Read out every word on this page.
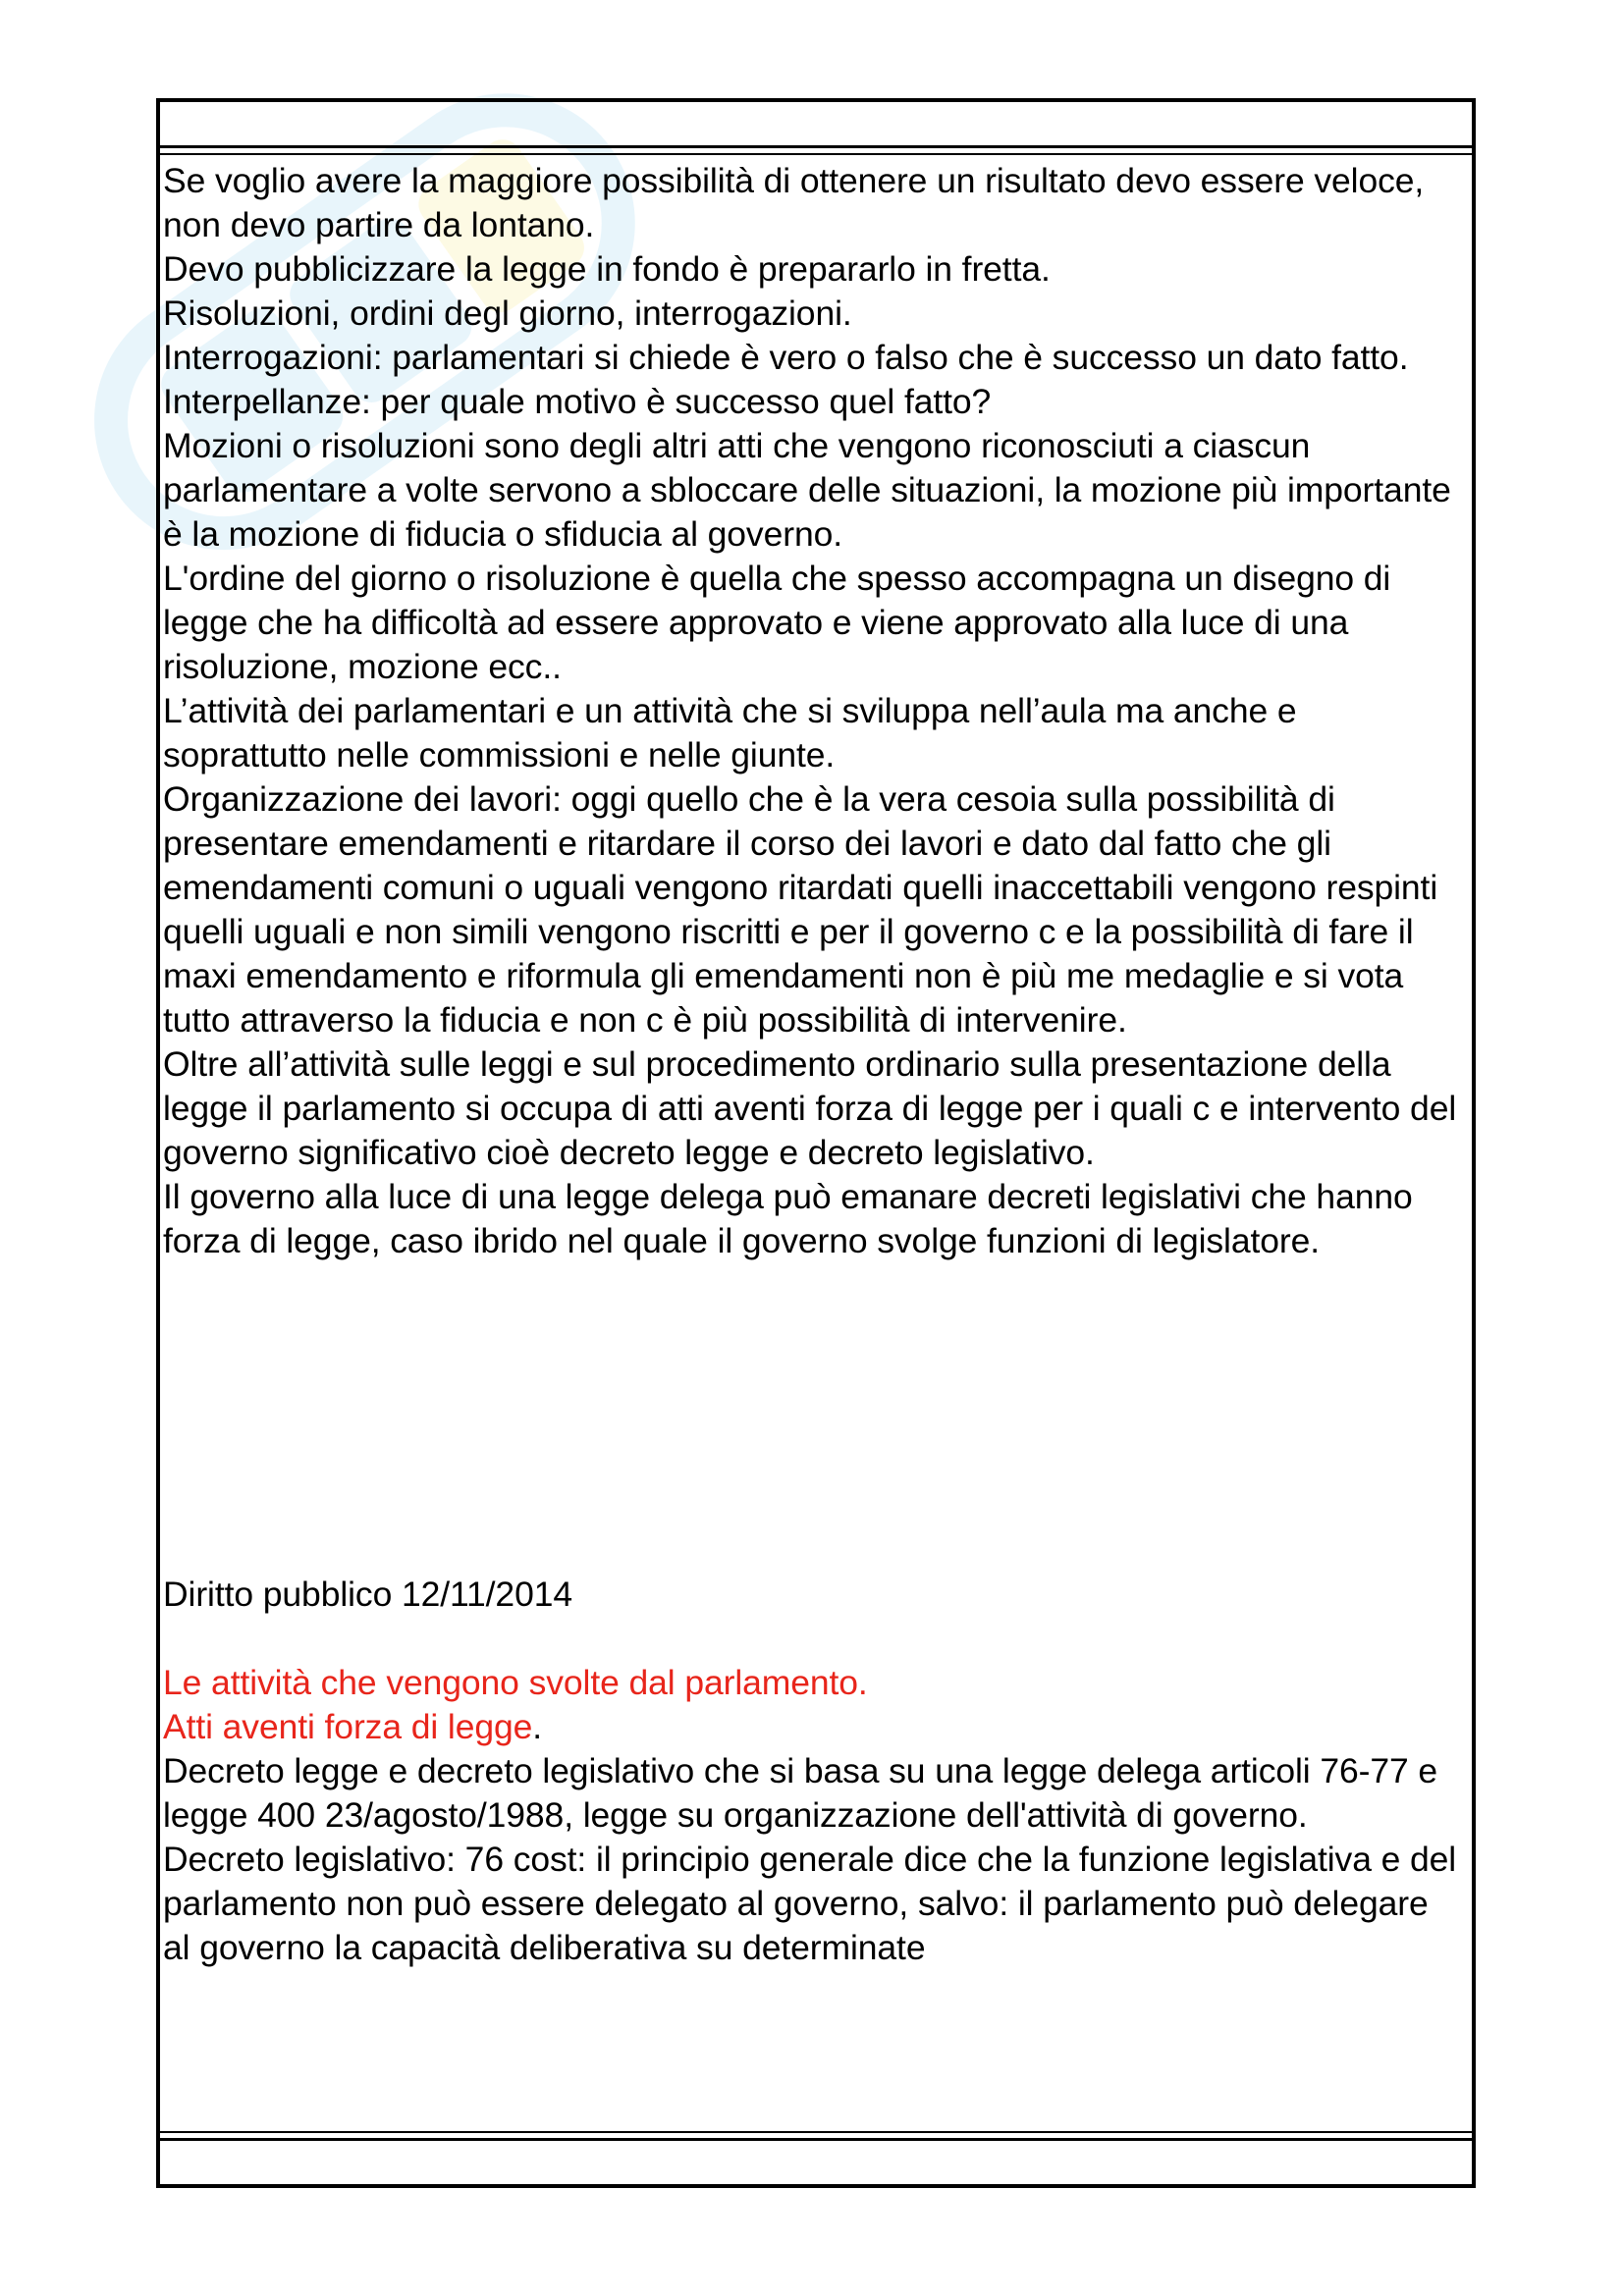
Se voglio avere la maggiore possibilità di ottenere un risultato devo essere veloce, non devo partire da lontano.

Devo pubblicizzare la legge in fondo è prepararlo in fretta.

Risoluzioni, ordini degl giorno, interrogazioni.

Interrogazioni: parlamentari si chiede è vero o falso che è successo un dato fatto.

Interpellanze: per quale motivo è successo quel fatto?

Mozioni o risoluzioni sono degli altri atti che vengono riconosciuti a ciascun parlamentare a volte servono a sbloccare delle situazioni, la mozione più importante è la mozione di fiducia o sfiducia al governo.

L'ordine del giorno o risoluzione è quella che spesso accompagna un disegno di legge che ha difficoltà ad essere approvato e viene approvato alla luce di una risoluzione, mozione ecc..

L’attività dei parlamentari e un attività che si sviluppa nell’aula ma anche e soprattutto nelle commissioni e nelle giunte.

Organizzazione dei lavori: oggi quello che è la vera cesoia sulla possibilità di presentare emendamenti e ritardare il corso dei lavori e dato dal fatto che gli emendamenti comuni o uguali vengono ritardati quelli inaccettabili vengono respinti quelli uguali e non simili vengono riscritti e per il governo c e la possibilità di fare il maxi emendamento e riformula gli emendamenti non è più me medaglie e si vota tutto attraverso la fiducia e non c è più possibilità di intervenire.

Oltre all’attività sulle leggi e sul procedimento ordinario sulla presentazione della legge il parlamento si occupa di atti aventi forza di legge per i quali c e intervento del governo significativo cioè decreto legge e decreto legislativo.

Il governo alla luce di una legge delega può emanare decreti legislativi che hanno forza di legge, caso ibrido nel quale il governo svolge funzioni di legislatore.

Diritto pubblico 12/11/2014

Le attività che vengono svolte dal parlamento.

Atti aventi forza di legge.

Decreto legge e decreto legislativo che si basa su una legge delega articoli 76-77 e legge 400 23/agosto/1988, legge su organizzazione dell'attività di governo.

Decreto legislativo: 76 cost: il principio generale dice che la funzione legislativa e del parlamento non può essere delegato al governo, salvo: il parlamento può delegare al governo la capacità deliberativa su determinate
